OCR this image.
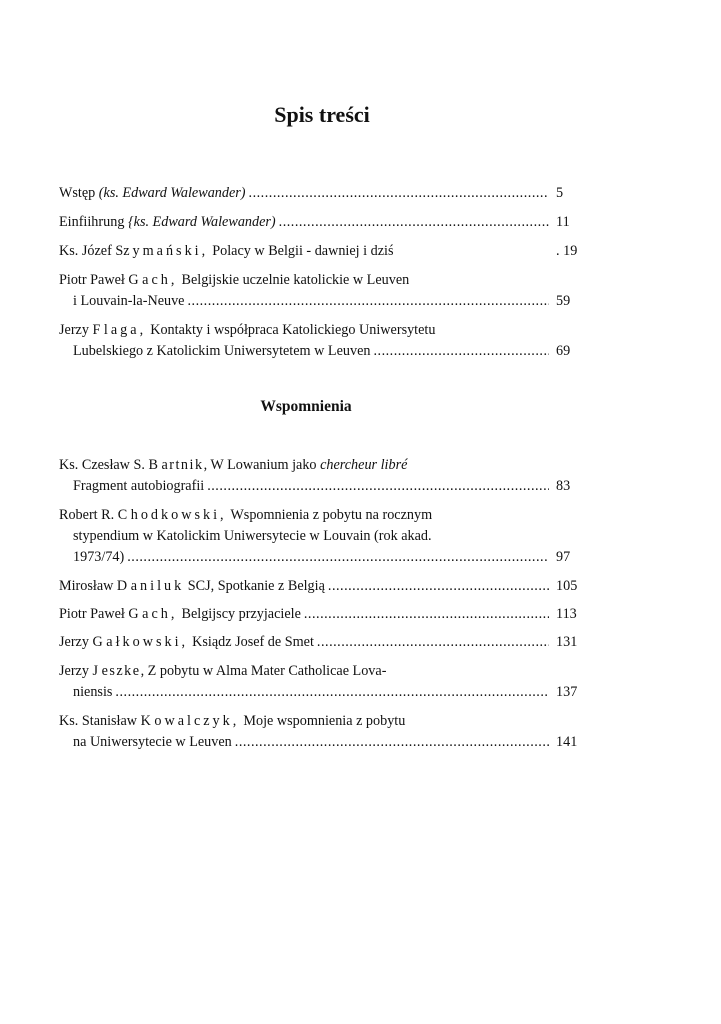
Spis treści
Wstęp (ks. Edward Walewander) .....	5
Einfiihrung {ks. Edward Walewander) .....	11
Ks. Józef Szymański,  Polacy w Belgii - dawniej i dziś	. 19
Piotr Paweł G ach,  Belgijskie uczelnie katolickie w Leuven
i Louvain-la-Neuve .....	59
Jerzy F laga,  Kontakty i współpraca Katolickiego Uniwersytetu
Lubelskiego z Katolickim Uniwersytetem w Leuven .....	69
Wspomnienia
Ks. Czesław S. B artnik, W Lowanium jako chercheur libré
Fragment autobiografii .....	83
Robert R. C hodkowski,  Wspomnienia z pobytu na rocznym
stypendium w Katolickim Uniwersytecie w Louvain (rok akad.
1973/74) .....	97
Mirosław D aniluk SCJ, Spotkanie z Belgią .....	105
Piotr Paweł G ach,  Belgijscy przyjaciele .....	113
Jerzy G ałkowski,  Ksiądz Josef de Smet .....	131
Jerzy J eszke, Z pobytu w Alma Mater Catholicae Lova-
niensis .....	137
Ks. Stanisław K owalczyk,  Moje wspomnienia z pobytu
na Uniwersytecie w Leuven .....	141
